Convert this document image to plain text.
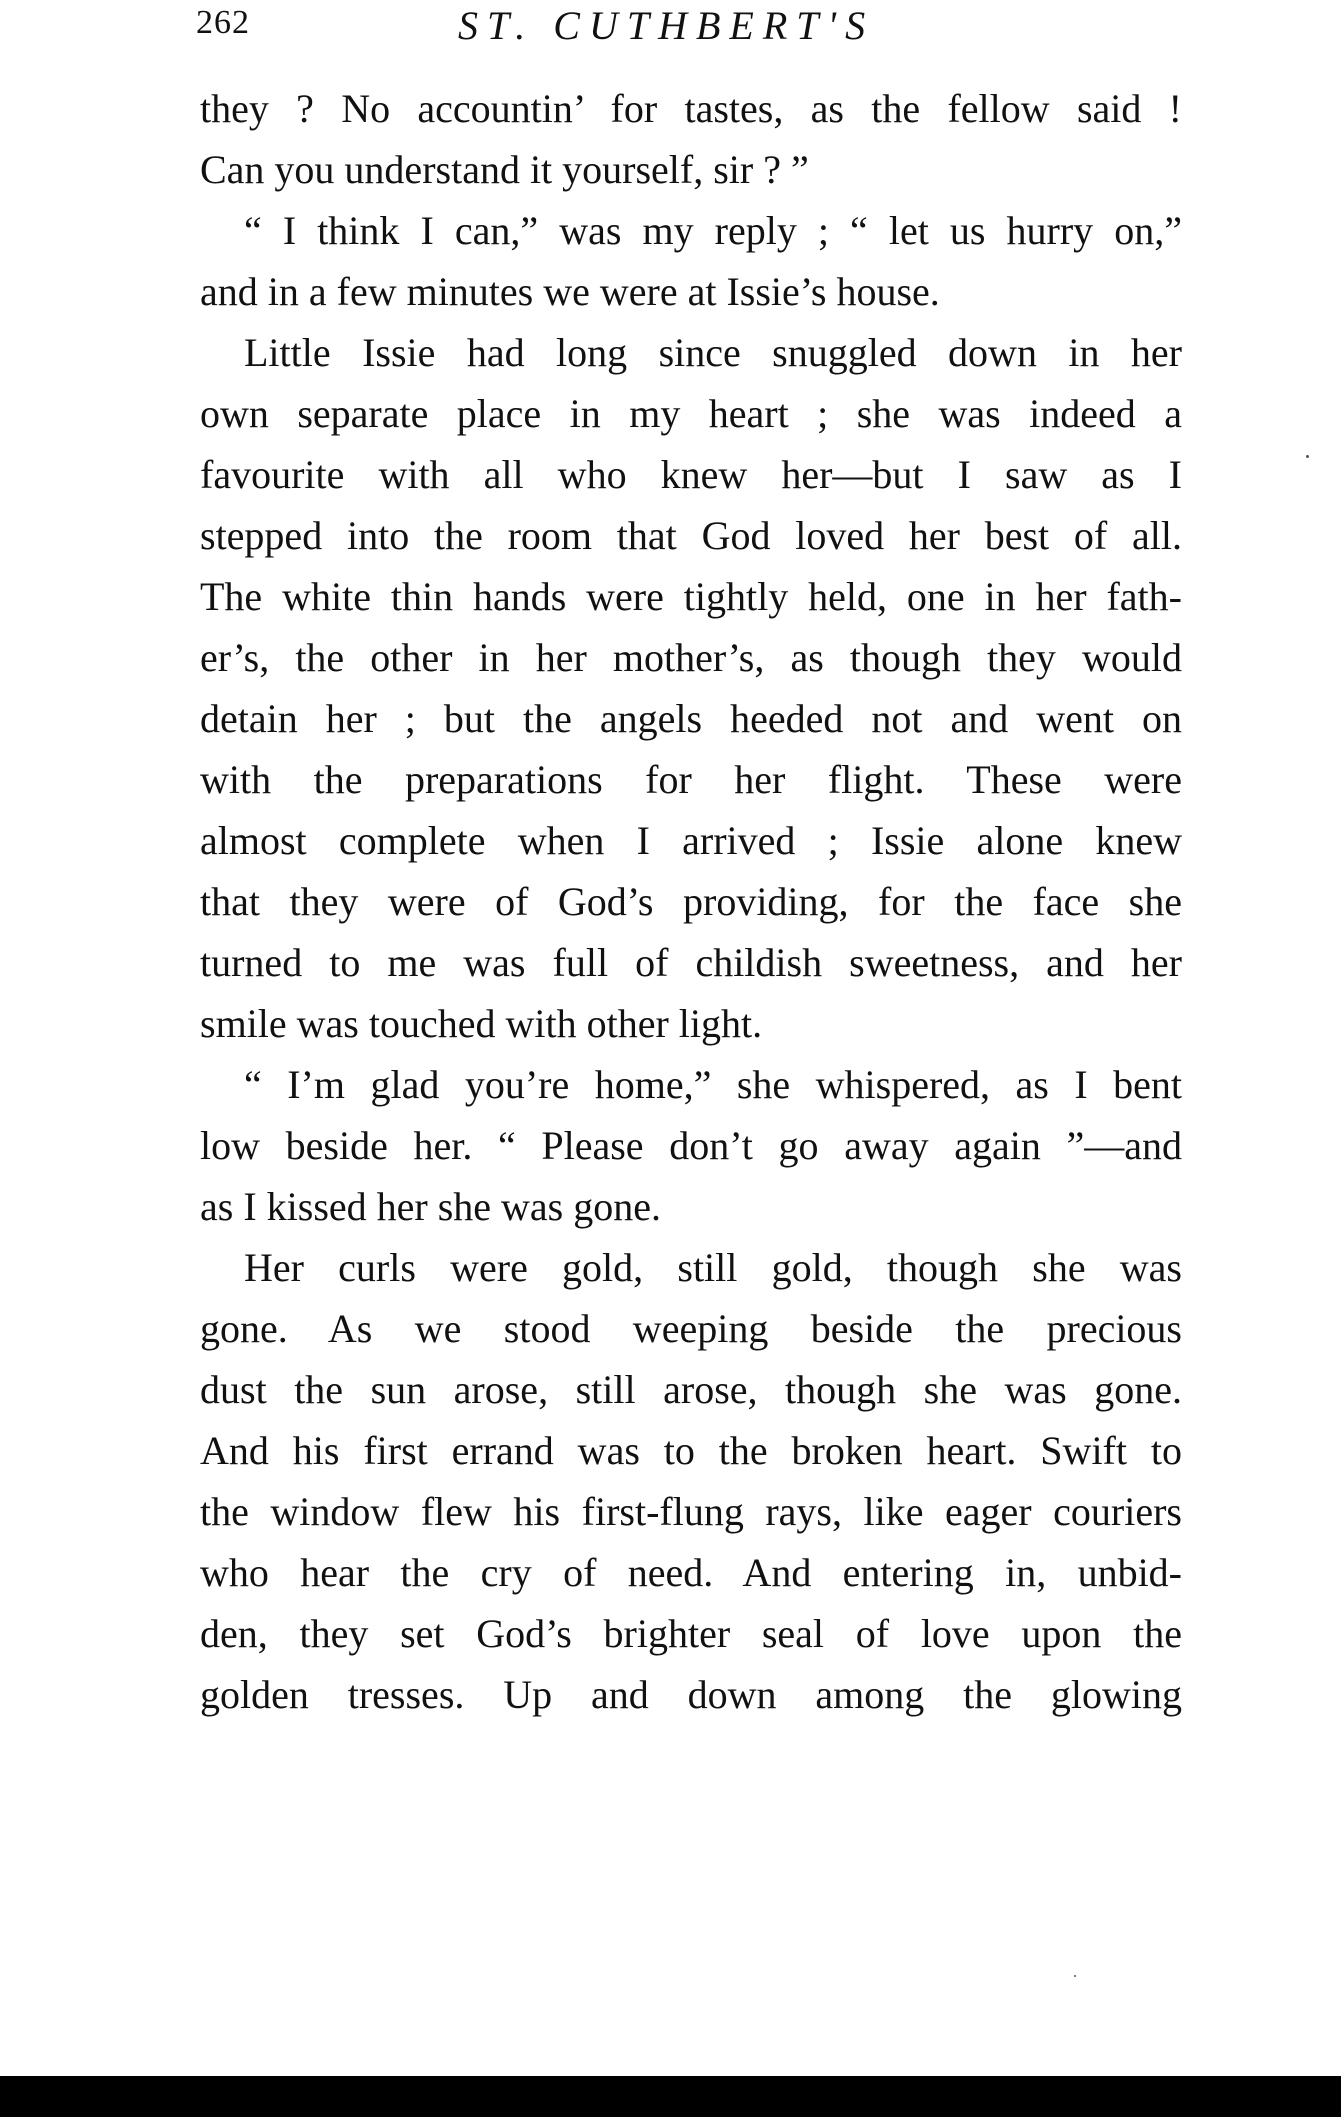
262	ST. CUTHBERT'S
they ? No accountin’ for tastes, as the fellow said !
Can you understand it yourself, sir ? ”
“ I think I can,” was my reply ; “ let us hurry on,”
and in a few minutes we were at Issie’s house.
Little Issie had long since snuggled down in her
own separate place in my heart ; she was indeed a
favourite with all who knew her—but I saw as I
stepped into the room that God loved her best of all.
The white thin hands were tightly held, one in her fath-
er’s, the other in her mother’s, as though they would
detain her ; but the angels heeded not and went on
with the preparations for her flight. These were
almost complete when I arrived ; Issie alone knew
that they were of God’s providing, for the face she
turned to me was full of childish sweetness, and her
smile was touched with other light.
“ I’m glad you’re home,” she whispered, as I bent
low beside her. “ Please don’t go away again ”—and
as I kissed her she was gone.
Her curls were gold, still gold, though she was
gone. As we stood weeping beside the precious
dust the sun arose, still arose, though she was gone.
And his first errand was to the broken heart. Swift to
the window flew his first-flung rays, like eager couriers
who hear the cry of need. And entering in, unbid-
den, they set God’s brighter seal of love upon the
golden tresses. Up and down among the glowing
